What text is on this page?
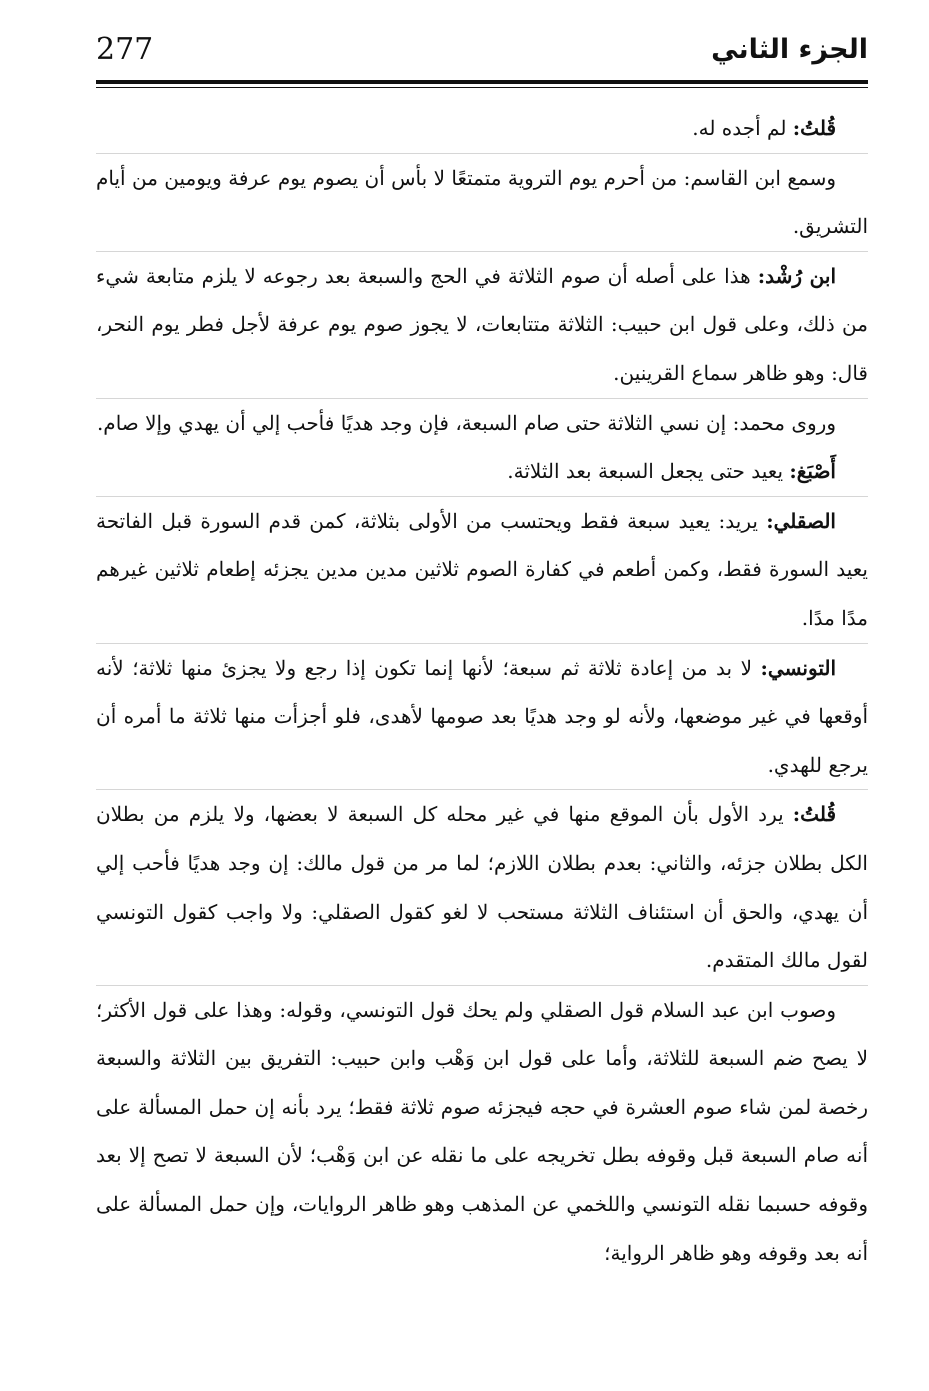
277	الجزء الثاني

قُلتُ: لم أجده له.

وسمع ابن القاسم: من أحرم يوم التروية متمتعًا لا بأس أن يصوم يوم عرفة ويومين من أيام التشريق.

ابن رُشْد: هذا على أصله أن صوم الثلاثة في الحج والسبعة بعد رجوعه لا يلزم متابعة شيء من ذلك، وعلى قول ابن حبيب: الثلاثة متتابعات، لا يجوز صوم يوم عرفة لأجل فطر يوم النحر، قال: وهو ظاهر سماع القرينين.

وروى محمد: إن نسي الثلاثة حتى صام السبعة، فإن وجد هديًا فأحب إلي أن يهدي وإلا صام.

أَصْبَغ: يعيد حتى يجعل السبعة بعد الثلاثة.

الصقلي: يريد: يعيد سبعة فقط ويحتسب من الأولى بثلاثة، كمن قدم السورة قبل الفاتحة يعيد السورة فقط، وكمن أطعم في كفارة الصوم ثلاثين مدين مدين يجزئه إطعام ثلاثين غيرهم مدًا مدًا.

التونسي: لا بد من إعادة ثلاثة ثم سبعة؛ لأنها إنما تكون إذا رجع ولا يجزئ منها ثلاثة؛ لأنه أوقعها في غير موضعها، ولأنه لو وجد هديًا بعد صومها لأهدى، فلو أجزأت منها ثلاثة ما أمره أن يرجع للهدي.

قُلتُ: يرد الأول بأن الموقع منها في غير محله كل السبعة لا بعضها، ولا يلزم من بطلان الكل بطلان جزئه، والثاني: بعدم بطلان اللازم؛ لما مر من قول مالك: إن وجد هديًا فأحب إلي أن يهدي، والحق أن استئناف الثلاثة مستحب لا لغو كقول الصقلي: ولا واجب كقول التونسي لقول مالك المتقدم.

وصوب ابن عبد السلام قول الصقلي ولم يحك قول التونسي، وقوله: وهذا على قول الأكثر؛ لا يصح ضم السبعة للثلاثة، وأما على قول ابن وَهْب وابن حبيب: التفريق بين الثلاثة والسبعة رخصة لمن شاء صوم العشرة في حجه فيجزئه صوم ثلاثة فقط؛ يرد بأنه إن حمل المسألة على أنه صام السبعة قبل وقوفه بطل تخريجه على ما نقله عن ابن وَهْب؛ لأن السبعة لا تصح إلا بعد وقوفه حسبما نقله التونسي واللخمي عن المذهب وهو ظاهر الروايات، وإن حمل المسألة على أنه بعد وقوفه وهو ظاهر الرواية؛
